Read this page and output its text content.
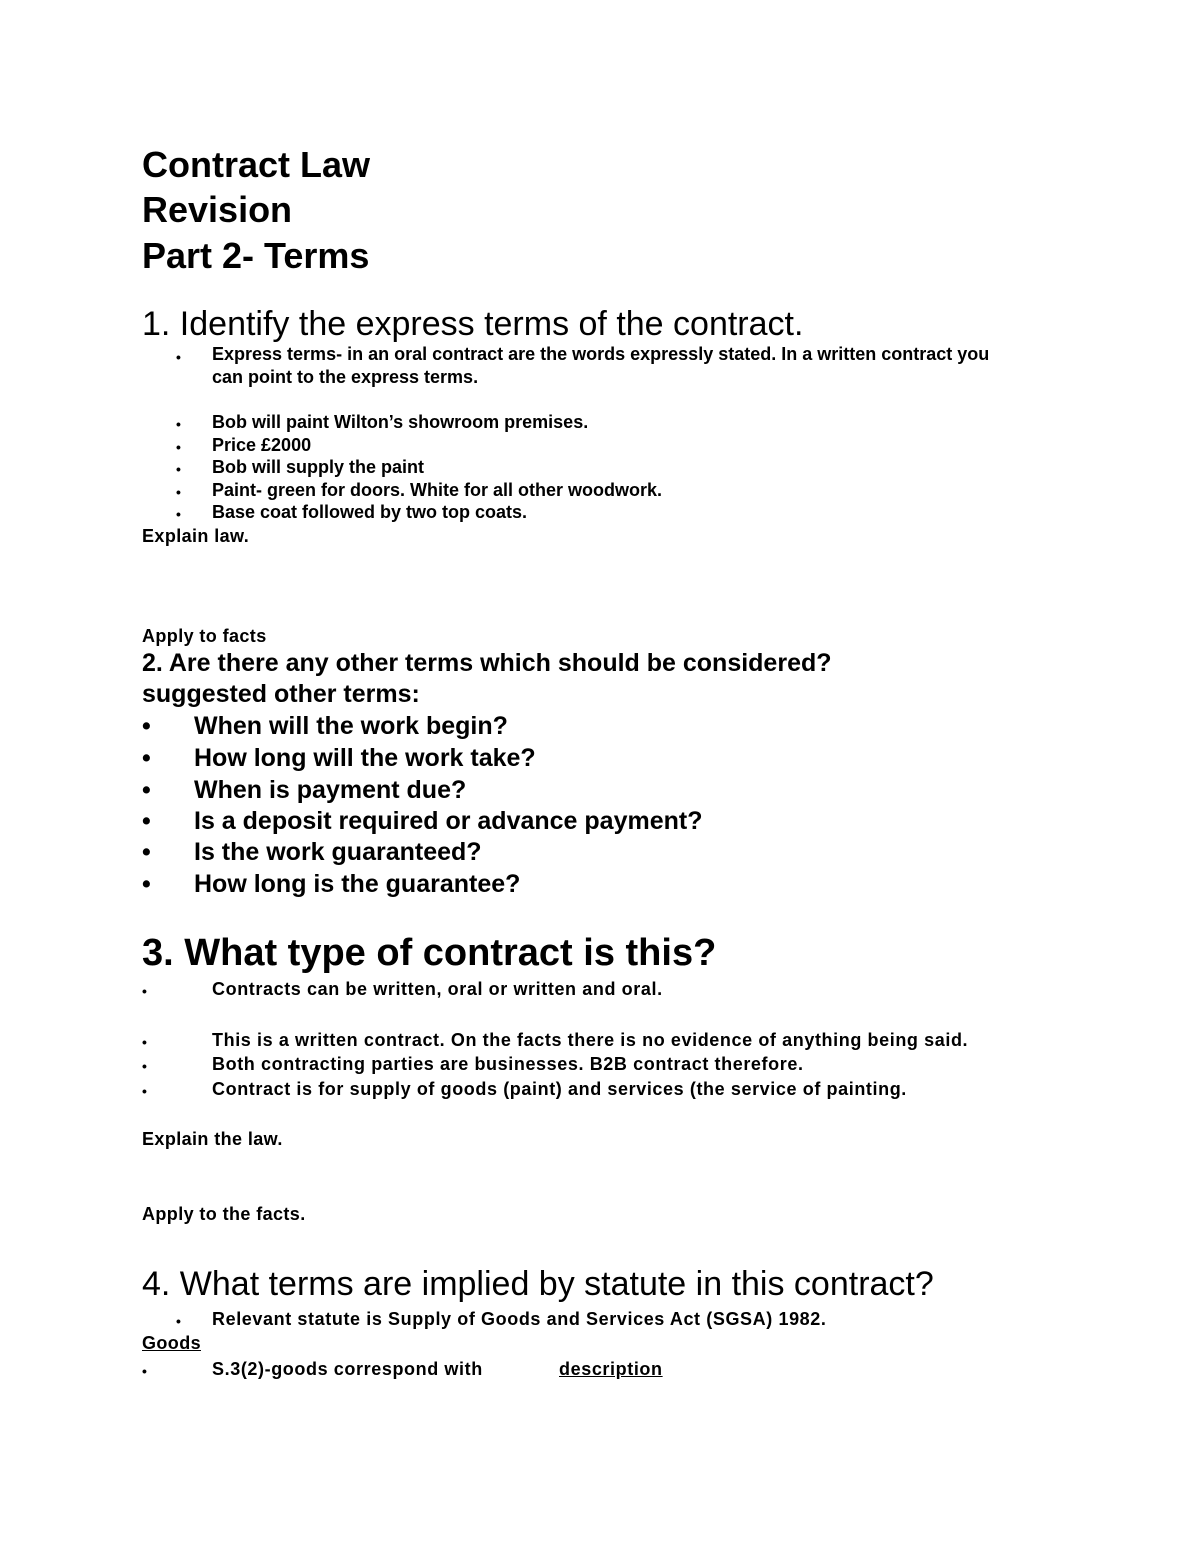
Contract Law
Revision
Part 2- Terms
1. Identify the express terms of the contract.
• Express terms- in an oral contract are the words expressly stated. In a written contract you
can point to the express terms.
• Bob will paint Wilton’s showroom premises.
• Price £2000
• Bob will supply the paint
• Paint- green for doors. White for all other woodwork.
• Base coat followed by two top coats.
Explain law.
Apply to facts
2. Are there any other terms which should be considered?
suggested other terms:
• When will the work begin?
• How long will the work take?
• When is payment due?
• Is a deposit required or advance payment?
• Is the work guaranteed?
• How long is the guarantee?
3. What type of contract is this?
•	Contracts can be written, oral or written and oral.
•	This is a written contract. On the facts there is no evidence of anything being said.
•	Both contracting parties are businesses. B2B contract therefore.
•	Contract is for supply of goods (paint) and services (the service of painting.
Explain the law.
Apply to the facts.
4. What terms are implied by statute in this contract?
• Relevant statute is Supply of Goods and Services Act (SGSA) 1982.
Goods
•	S.3(2)-goods correspond with	description
